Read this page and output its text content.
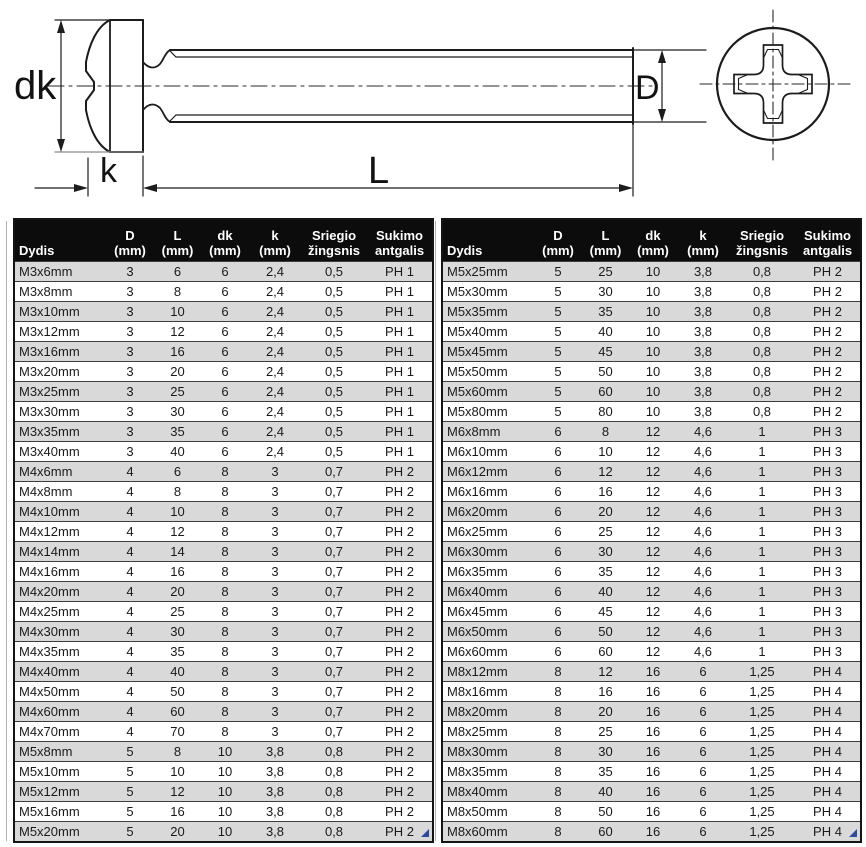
dk
k	L
D
Dydis	
D
(mm)

L
(mm)

dk
(mm)

k
(mm)

Sriegio
žingsnis

Sukimo
antgalis

M3x6mm	3	6	6	2,4	0,5	PH 1
M3x8mm	3	8	6	2,4	0,5	PH 1
M3x10mm	3	10	6	2,4	0,5	PH 1
M3x12mm	3	12	6	2,4	0,5	PH 1
M3x16mm	3	16	6	2,4	0,5	PH 1
M3x20mm	3	20	6	2,4	0,5	PH 1
M3x25mm	3	25	6	2,4	0,5	PH 1
M3x30mm	3	30	6	2,4	0,5	PH 1
M3x35mm	3	35	6	2,4	0,5	PH 1
M3x40mm	3	40	6	2,4	0,5	PH 1
M4x6mm	4	6	8	3	0,7	PH 2
M4x8mm	4	8	8	3	0,7	PH 2
M4x10mm	4	10	8	3	0,7	PH 2
M4x12mm	4	12	8	3	0,7	PH 2
M4x14mm	4	14	8	3	0,7	PH 2
M4x16mm	4	16	8	3	0,7	PH 2
M4x20mm	4	20	8	3	0,7	PH 2
M4x25mm	4	25	8	3	0,7	PH 2
M4x30mm	4	30	8	3	0,7	PH 2
M4x35mm	4	35	8	3	0,7	PH 2
M4x40mm	4	40	8	3	0,7	PH 2
M4x50mm	4	50	8	3	0,7	PH 2
M4x60mm	4	60	8	3	0,7	PH 2
M4x70mm	4	70	8	3	0,7	PH 2
M5x8mm	5	8	10	3,8	0,8	PH 2
M5x10mm	5	10	10	3,8	0,8	PH 2
M5x12mm	5	12	10	3,8	0,8	PH 2
M5x16mm	5	16	10	3,8	0,8	PH 2
M5x20mm	5	20	10	3,8	0,8	PH 2
Dydis	
D
(mm)

L
(mm)

dk
(mm)

k
(mm)

Sriegio
žingsnis

Sukimo
antgalis

M5x25mm	5	25	10	3,8	0,8	PH 2
M5x30mm	5	30	10	3,8	0,8	PH 2
M5x35mm	5	35	10	3,8	0,8	PH 2
M5x40mm	5	40	10	3,8	0,8	PH 2
M5x45mm	5	45	10	3,8	0,8	PH 2
M5x50mm	5	50	10	3,8	0,8	PH 2
M5x60mm	5	60	10	3,8	0,8	PH 2
M5x80mm	5	80	10	3,8	0,8	PH 2
M6x8mm	6	8	12	4,6	1	PH 3
M6x10mm	6	10	12	4,6	1	PH 3
M6x12mm	6	12	12	4,6	1	PH 3
M6x16mm	6	16	12	4,6	1	PH 3
M6x20mm	6	20	12	4,6	1	PH 3
M6x25mm	6	25	12	4,6	1	PH 3
M6x30mm	6	30	12	4,6	1	PH 3
M6x35mm	6	35	12	4,6	1	PH 3
M6x40mm	6	40	12	4,6	1	PH 3
M6x45mm	6	45	12	4,6	1	PH 3
M6x50mm	6	50	12	4,6	1	PH 3
M6x60mm	6	60	12	4,6	1	PH 3
M8x12mm	8	12	16	6	1,25	PH 4
M8x16mm	8	16	16	6	1,25	PH 4
M8x20mm	8	20	16	6	1,25	PH 4
M8x25mm	8	25	16	6	1,25	PH 4
M8x30mm	8	30	16	6	1,25	PH 4
M8x35mm	8	35	16	6	1,25	PH 4
M8x40mm	8	40	16	6	1,25	PH 4
M8x50mm	8	50	16	6	1,25	PH 4
M8x60mm	8	60	16	6	1,25	PH 4
